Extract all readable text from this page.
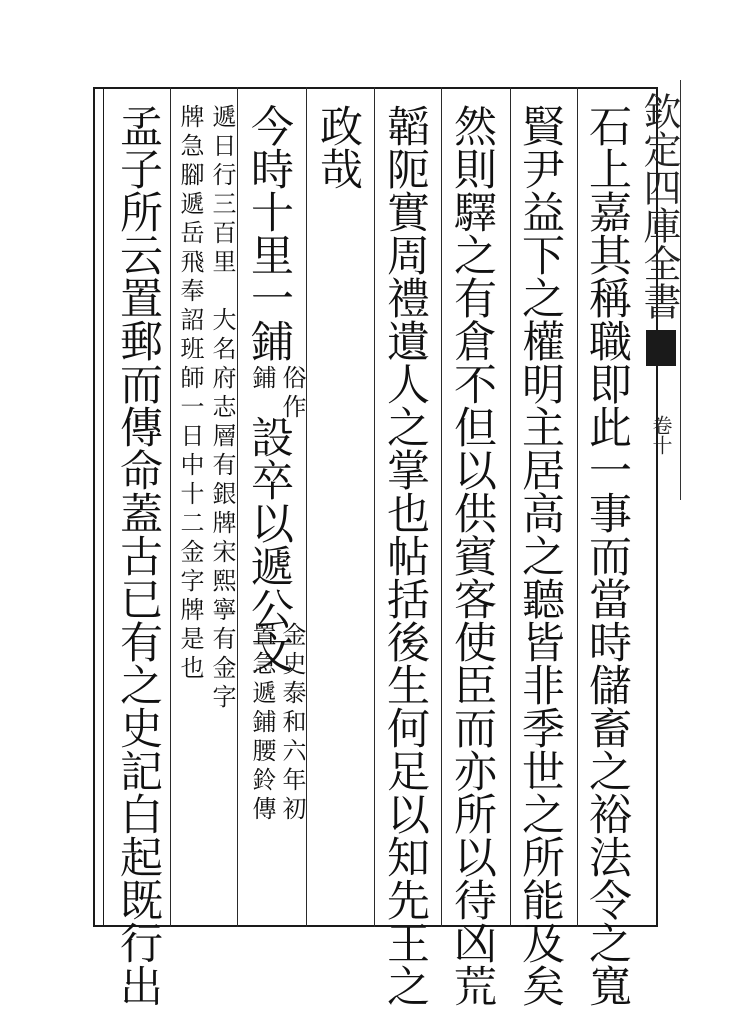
欽定四庫全書
卷十
石上嘉其稱職即此一事而當時儲畜之裕法令之寬
賢尹益下之權明主居高之聽皆非季世之所能及矣
然則驛之有倉不但以供賓客使臣而亦所以待凶荒
韜阨實周禮遺人之掌也帖括後生何足以知先王之
政哉
今時十里一鋪
俗作
鋪
設卒以遞公文
金史泰和六年初
置急遞鋪腰鈴傳
遞日行三百里　大名府志層有銀牌宋熙寧有金字
牌急腳遞岳飛奉詔班師一日中十二金字牌是也
孟子所云置郵而傳命蓋古已有之史記白起既行出
